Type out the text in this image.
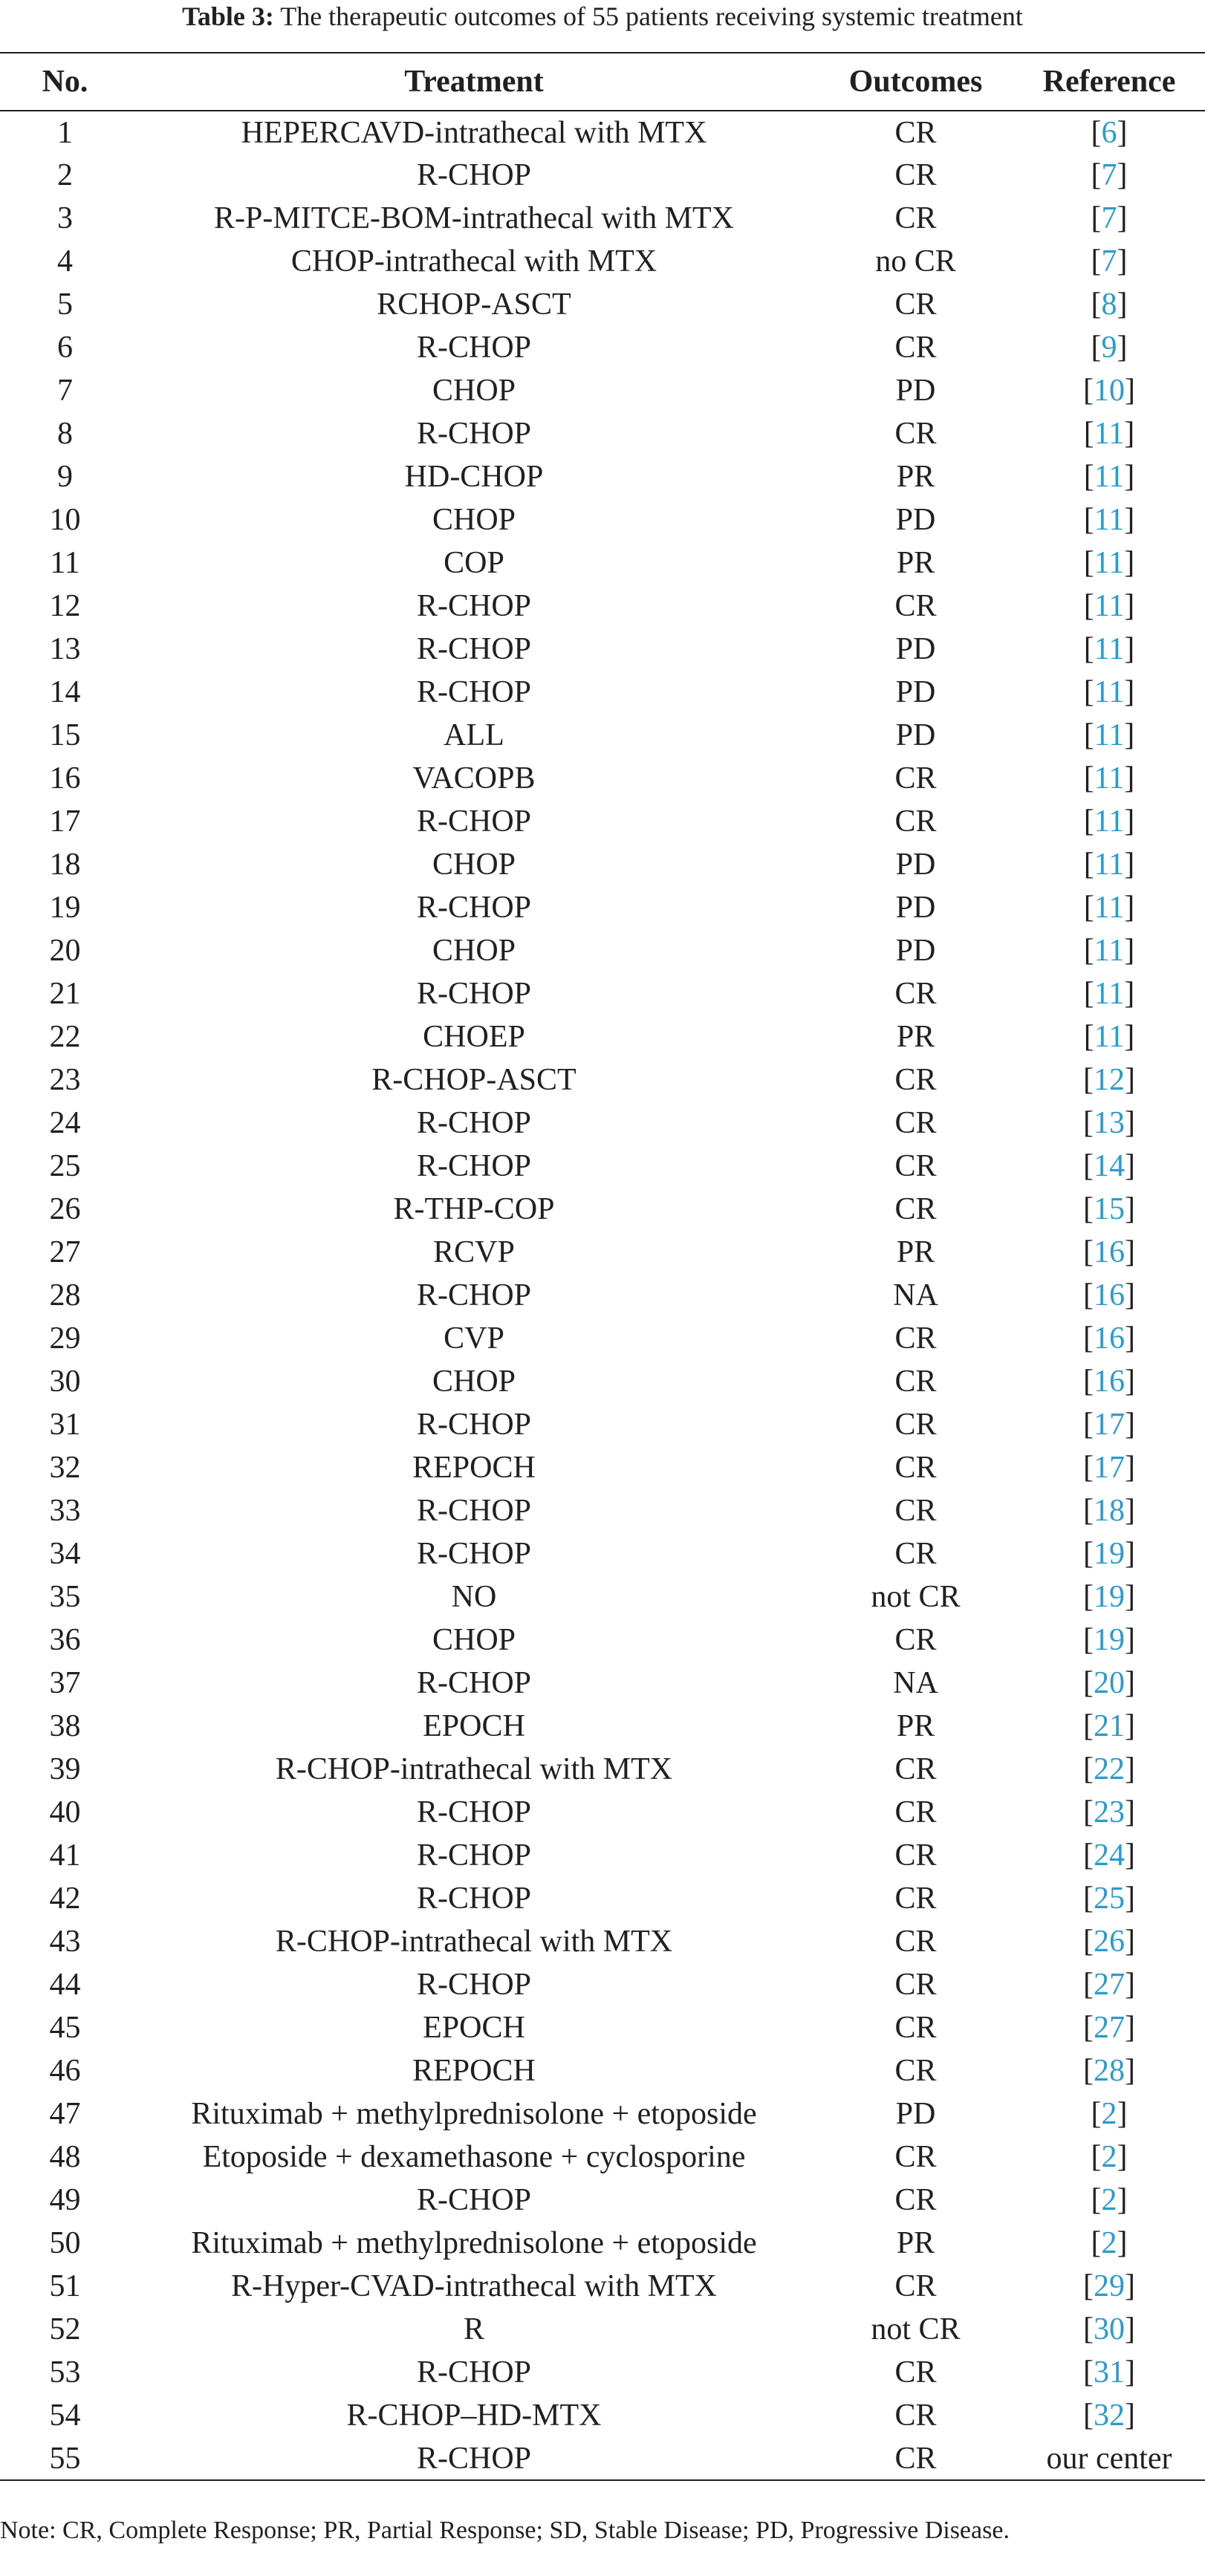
Table 3: The therapeutic outcomes of 55 patients receiving systemic treatment
No.	Treatment	Outcomes	Reference
1	HEPERCAVD-intrathecal with MTX	CR	[6]
2	R-CHOP	CR	[7]
3	R-P-MITCE-BOM-intrathecal with MTX	CR	[7]
4	CHOP-intrathecal with MTX	no CR	[7]
5	RCHOP-ASCT	CR	[8]
6	R-CHOP	CR	[9]
7	CHOP	PD	[10]
8	R-CHOP	CR	[11]
9	HD-CHOP	PR	[11]
10	CHOP	PD	[11]
11	COP	PR	[11]
12	R-CHOP	CR	[11]
13	R-CHOP	PD	[11]
14	R-CHOP	PD	[11]
15	ALL	PD	[11]
16	VACOPB	CR	[11]
17	R-CHOP	CR	[11]
18	CHOP	PD	[11]
19	R-CHOP	PD	[11]
20	CHOP	PD	[11]
21	R-CHOP	CR	[11]
22	CHOEP	PR	[11]
23	R-CHOP-ASCT	CR	[12]
24	R-CHOP	CR	[13]
25	R-CHOP	CR	[14]
26	R-THP-COP	CR	[15]
27	RCVP	PR	[16]
28	R-CHOP	NA	[16]
29	CVP	CR	[16]
30	CHOP	CR	[16]
31	R-CHOP	CR	[17]
32	REPOCH	CR	[17]
33	R-CHOP	CR	[18]
34	R-CHOP	CR	[19]
35	NO	not CR	[19]
36	CHOP	CR	[19]
37	R-CHOP	NA	[20]
38	EPOCH	PR	[21]
39	R-CHOP-intrathecal with MTX	CR	[22]
40	R-CHOP	CR	[23]
41	R-CHOP	CR	[24]
42	R-CHOP	CR	[25]
43	R-CHOP-intrathecal with MTX	CR	[26]
44	R-CHOP	CR	[27]
45	EPOCH	CR	[27]
46	REPOCH	CR	[28]
47	Rituximab + methylprednisolone + etoposide	PD	[2]
48	Etoposide + dexamethasone + cyclosporine	CR	[2]
49	R-CHOP	CR	[2]
50	Rituximab + methylprednisolone + etoposide	PR	[2]
51	R-Hyper-CVAD-intrathecal with MTX	CR	[29]
52	R	not CR	[30]
53	R-CHOP	CR	[31]
54	R-CHOP–HD-MTX	CR	[32]
55	R-CHOP	CR	our center
Note: CR, Complete Response; PR, Partial Response; SD, Stable Disease; PD, Progressive Disease.
